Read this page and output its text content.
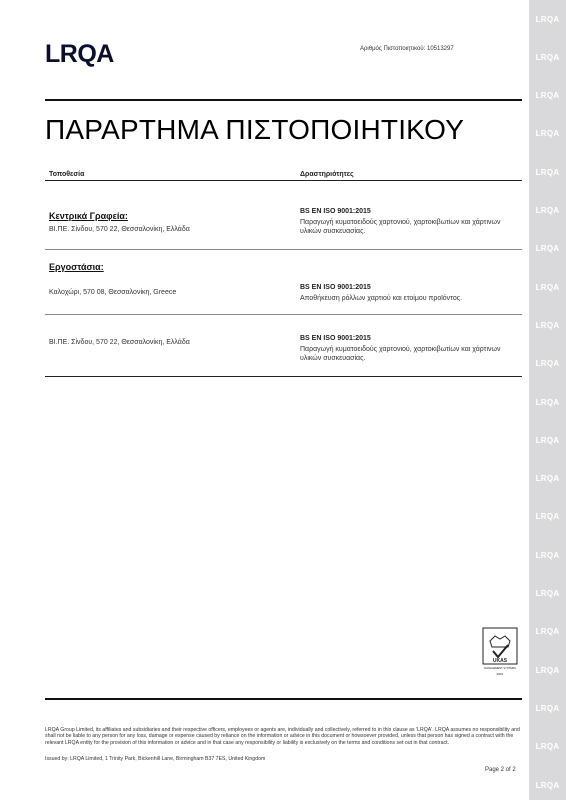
LRQA
LRQA
LRQA
LRQA
LRQA
LRQA
LRQA
LRQA
LRQA
LRQA
LRQA
LRQA
LRQA
LRQA
LRQA
LRQA
LRQA
LRQA
LRQA
LRQA
LRQA
LRQA	Αριθμός Πιστοποιητικού: 10513297
ΠΑΡΑΡΤΗΜΑ ΠΙΣΤΟΠΟΙΗΤΙΚΟΥ
Τοποθεσία	Δραστηριότητες
Κεντρικά Γραφεία:
ΒΙ.ΠΕ. Σίνδου, 570 22, Θεσσαλονίκη, Ελλάδα
BS EN ISO 9001:2015
Παραγωγή κυματοειδούς χαρτονιού, χαρτοκιβωτίων και χάρτινων υλικών συσκευασίας.
Εργοστάσια:
Καλοχώρι, 570 08, Θεσσαλονίκη, Greece
BS EN ISO 9001:2015
Αποθήκευση ρόλλων χαρτιού και ετοίμου προϊόντος.
ΒΙ.ΠΕ. Σίνδου, 570 22, Θεσσαλονίκη, Ελλάδα
BS EN ISO 9001:2015
Παραγωγή κυματοειδούς χαρτονιού, χαρτοκιβωτίων και χάρτινων υλικών συσκευασίας.
UKAS
MANAGEMENT SYSTEMS
0001
LRQA Group Limited, its affiliates and subsidiaries and their respective officers, employees or agents are, individually and collectively, referred to in this clause as 'LRQA'. LRQA assumes no responsibility and shall not be liable to any person for any loss, damage or expense caused by reliance on the information or advice in this document or howsoever provided, unless that person has signed a contract with the relevant LRQA entity for the provision of this information or advice and in that case any responsibility or liability is exclusively on the terms and conditions set out in that contract.
Issued by: LRQA Limited, 1 Trinity Park, Bickenhill Lane, Birmingham B37 7ES, United Kingdom
Page 2 of 2
